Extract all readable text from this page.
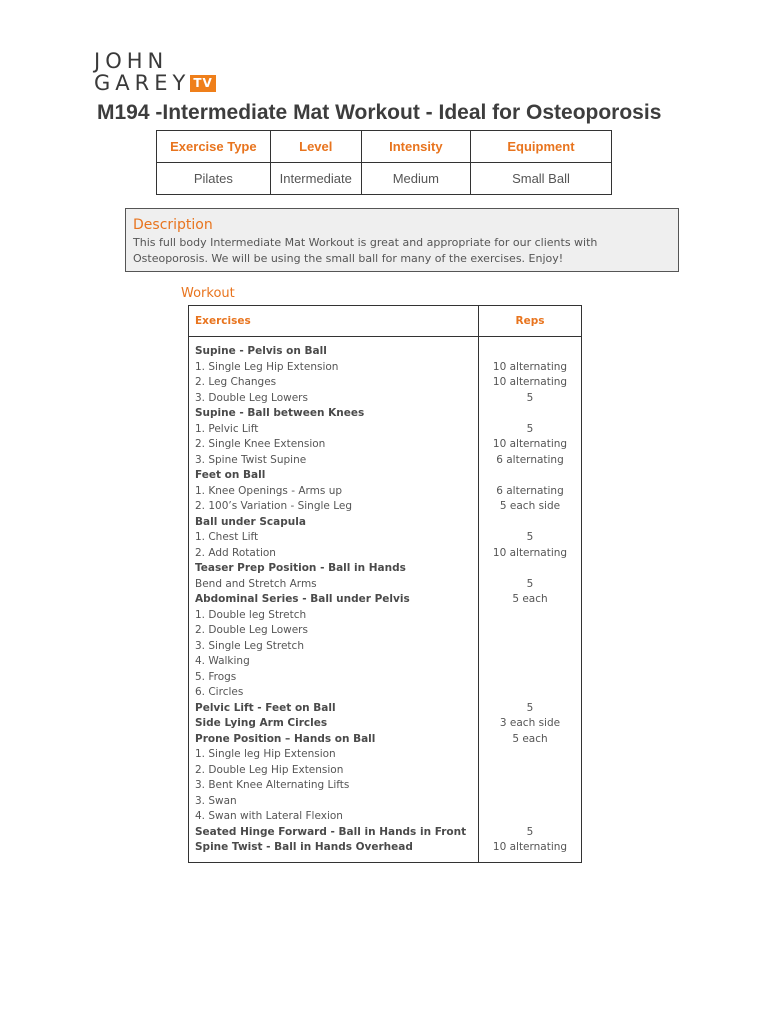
JOHN
GAREY TV
M194 -Intermediate Mat Workout - Ideal for Osteoporosis
Exercise Type	Level	Intensity	Equipment
Pilates	Intermediate	Medium	Small Ball
Description
This full body Intermediate Mat Workout is great and appropriate for our clients with Osteoporosis. We will be using the small ball for many of the exercises. Enjoy!
Workout
Exercises	Reps
Supine - Pelvis on Ball
1. Single Leg Hip Extension	10 alternating
2. Leg Changes	10 alternating
3. Double Leg Lowers	5
Supine - Ball between Knees
1. Pelvic Lift	5
2. Single Knee Extension	10 alternating
3. Spine Twist Supine	6 alternating
Feet on Ball
1. Knee Openings - Arms up	6 alternating
2. 100’s Variation - Single Leg	5 each side
Ball under Scapula
1. Chest Lift	5
2. Add Rotation	10 alternating
Teaser Prep Position - Ball in Hands
Bend and Stretch Arms	5
Abdominal Series - Ball under Pelvis	5 each
1. Double leg Stretch
2. Double Leg Lowers
3. Single Leg Stretch
4. Walking
5. Frogs
6. Circles
Pelvic Lift - Feet on Ball	5
Side Lying Arm Circles	3 each side
Prone Position – Hands on Ball	5 each
1. Single leg Hip Extension
2. Double Leg Hip Extension
3. Bent Knee Alternating Lifts
3. Swan
4. Swan with Lateral Flexion
Seated Hinge Forward - Ball in Hands in Front	5
Spine Twist - Ball in Hands Overhead	10 alternating
